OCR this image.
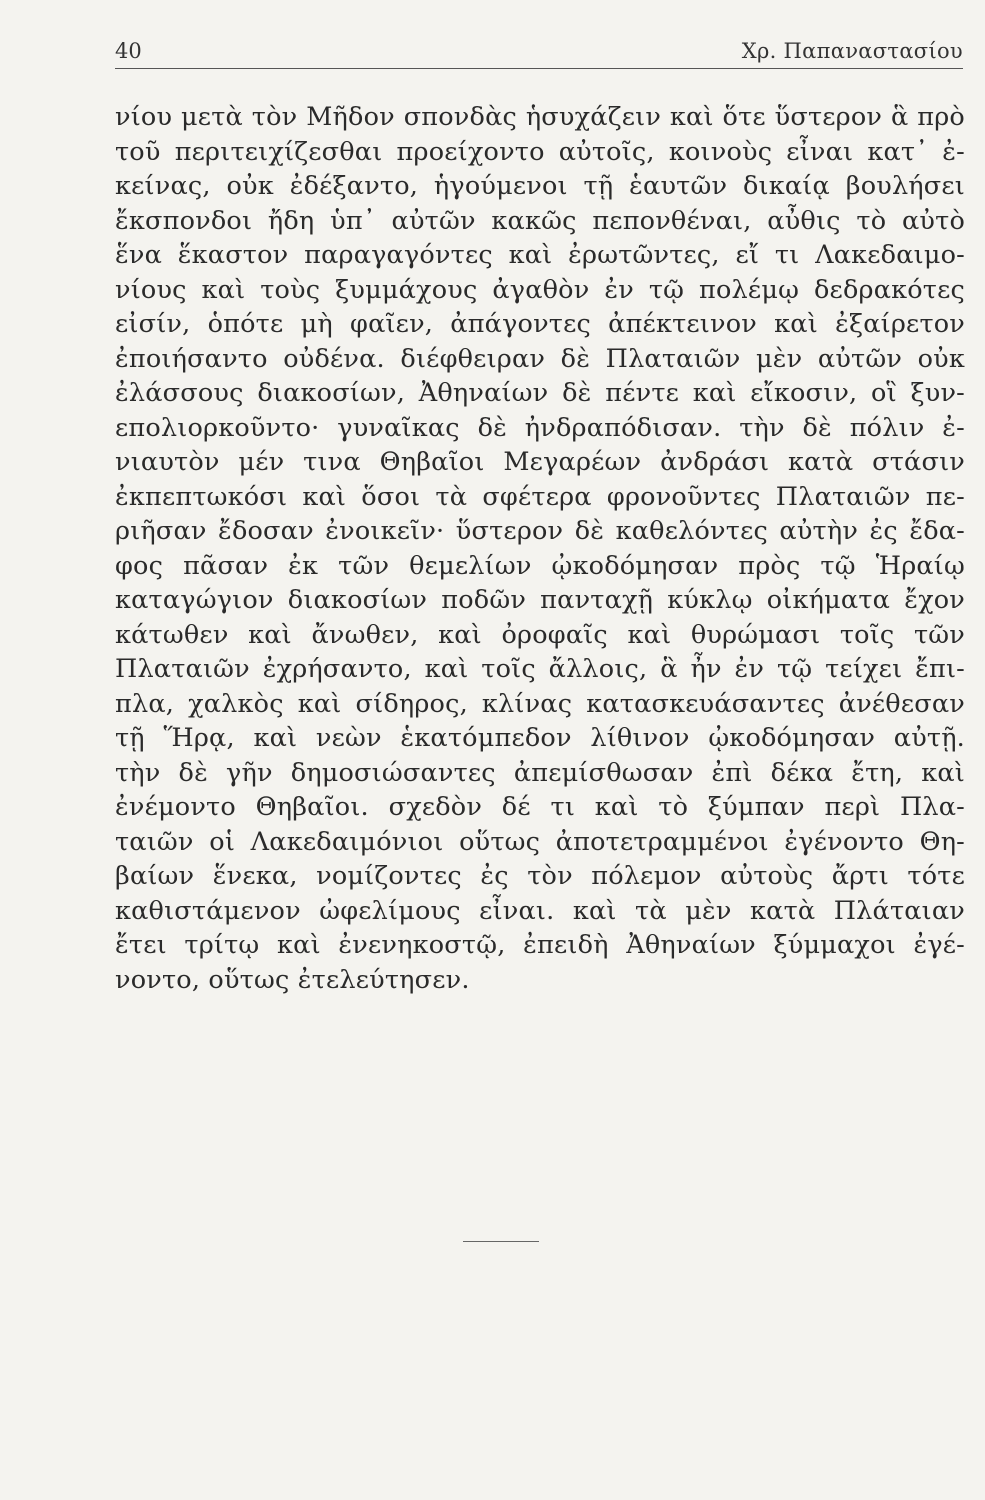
40	Χρ. Παπαναστασίου
νίου μετὰ τὸν Μῆδον σπονδὰς ἡσυχάζειν καὶ ὅτε ὕστερον ἃ πρὸ
τοῦ περιτειχίζεσθαι προείχοντο αὐτοῖς, κοινοὺς εἶναι κατ᾽ ἐ-
κείνας, οὐκ ἐδέξαντο, ἡγούμενοι τῇ ἑαυτῶν δικαίᾳ βουλήσει
ἔκσπονδοι ἤδη ὑπ᾽ αὐτῶν κακῶς πεπονθέναι, αὖθις τὸ αὐτὸ
ἕνα ἕκαστον παραγαγόντες καὶ ἐρωτῶντες, εἴ τι Λακεδαιμο-
νίους καὶ τοὺς ξυμμάχους ἀγαθὸν ἐν τῷ πολέμῳ δεδρακότες
εἰσίν, ὁπότε μὴ φαῖεν, ἀπάγοντες ἀπέκτεινον καὶ ἐξαίρετον
ἐποιήσαντο οὐδένα. διέφθειραν δὲ Πλαταιῶν μὲν αὐτῶν οὐκ
ἐλάσσους διακοσίων, Ἀθηναίων δὲ πέντε καὶ εἴκοσιν, οἳ ξυν-
επολιορκοῦντο· γυναῖκας δὲ ἠνδραπόδισαν. τὴν δὲ πόλιν ἐ-
νιαυτὸν μέν τινα Θηβαῖοι Μεγαρέων ἀνδράσι κατὰ στάσιν
ἐκπεπτωκόσι καὶ ὅσοι τὰ σφέτερα φρονοῦντες Πλαταιῶν πε-
ριῆσαν ἔδοσαν ἐνοικεῖν· ὕστερον δὲ καθελόντες αὐτὴν ἐς ἔδα-
φος πᾶσαν ἐκ τῶν θεμελίων ᾠκοδόμησαν πρὸς τῷ Ἡραίῳ
καταγώγιον διακοσίων ποδῶν πανταχῇ κύκλῳ οἰκήματα ἔχον
κάτωθεν καὶ ἄνωθεν, καὶ ὀροφαῖς καὶ θυρώμασι τοῖς τῶν
Πλαταιῶν ἐχρήσαντο, καὶ τοῖς ἄλλοις, ἃ ἦν ἐν τῷ τείχει ἔπι-
πλα, χαλκὸς καὶ σίδηρος, κλίνας κατασκευάσαντες ἀνέθεσαν
τῇ Ἥρᾳ, καὶ νεὼν ἑκατόμπεδον λίθινον ᾠκοδόμησαν αὐτῇ.
τὴν δὲ γῆν δημοσιώσαντες ἀπεμίσθωσαν ἐπὶ δέκα ἔτη, καὶ
ἐνέμοντο Θηβαῖοι. σχεδὸν δέ τι καὶ τὸ ξύμπαν περὶ Πλα-
ταιῶν οἱ Λακεδαιμόνιοι οὕτως ἀποτετραμμένοι ἐγένοντο Θη-
βαίων ἕνεκα, νομίζοντες ἐς τὸν πόλεμον αὐτοὺς ἄρτι τότε
καθιστάμενον ὠφελίμους εἶναι. καὶ τὰ μὲν κατὰ Πλάταιαν
ἔτει τρίτῳ καὶ ἐνενηκοστῷ, ἐπειδὴ Ἀθηναίων ξύμμαχοι ἐγέ-
νοντο, οὕτως ἐτελεύτησεν.
